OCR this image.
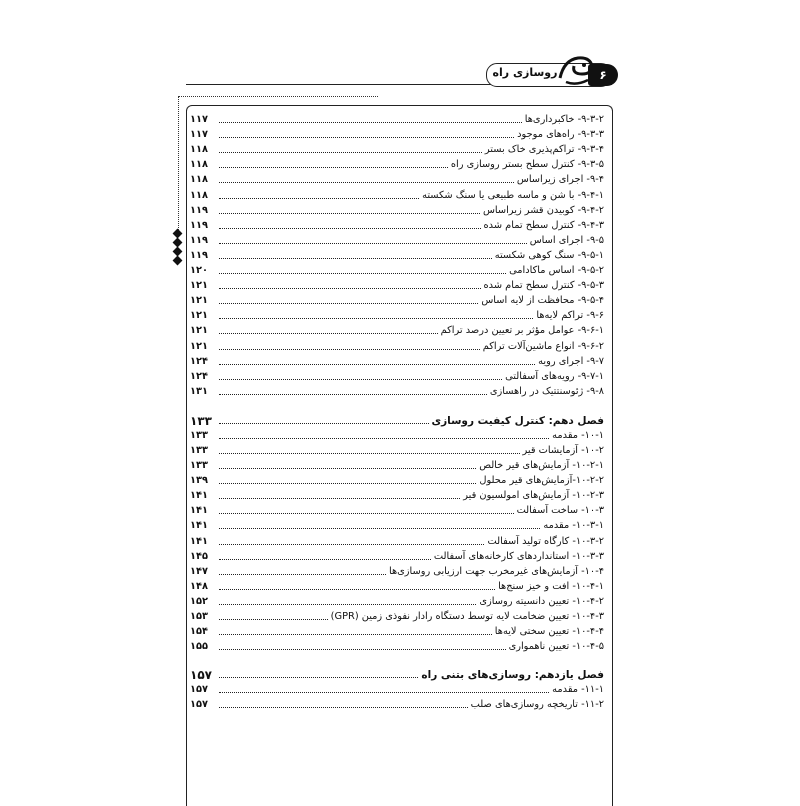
روسازی راه	۶
۹-۳-۲- خاکبرداری‌ها
۱۱۷
۹-۳-۳- راه‌های موجود
۱۱۷
۹-۳-۴- تراکم‌پذیری خاک بستر
۱۱۸
۹-۳-۵- کنترل سطح بستر روسازی راه
۱۱۸
۹-۴- اجرای زیراساس
۱۱۸
۹-۴-۱- با شن و ماسه طبیعی یا سنگ شکسته
۱۱۸
۹-۴-۲- کوبیدن قشر زیراساس
۱۱۹
۹-۴-۳- کنترل سطح تمام شده
۱۱۹
۹-۵- اجرای اساس
۱۱۹
۹-۵-۱- سنگ کوهی شکسته
۱۱۹
۹-۵-۲- اساس ماکادامی
۱۲۰
۹-۵-۳- کنترل سطح تمام شده
۱۲۱
۹-۵-۴- محافظت از لایه اساس
۱۲۱
۹-۶- تراکم لایه‌ها
۱۲۱
۹-۶-۱- عوامل مؤثر بر تعیین درصد تراکم
۱۲۱
۹-۶-۲- انواع ماشین‌آلات تراکم
۱۲۱
۹-۷- اجرای رویه
۱۲۴
۹-۷-۱- رویه‌های آسفالتی
۱۲۴
۹-۸- ژئوسنتتیک در راهسازی
۱۳۱
فصل دهم: کنترل کیفیت روسازی
۱۳۳
۱۰-۱- مقدمه
۱۳۳
۱۰-۲- آزمایشات قیر
۱۳۳
۱۰-۲-۱- آزمایش‌های قیر خالص
۱۳۳
۱۰-۲-۲-آزمایش‌های قیر محلول
۱۳۹
۱۰-۲-۳- آزمایش‌های امولسیون قیر
۱۴۱
۱۰-۳- ساخت آسفالت
۱۴۱
۱۰-۳-۱- مقدمه
۱۴۱
۱۰-۳-۲- کارگاه تولید آسفالت
۱۴۱
۱۰-۳-۳- استانداردهای کارخانه‌های آسفالت
۱۴۵
۱۰-۴- آزمایش‌های غیرمخرب جهت ارزیابی روسازی‌ها
۱۴۷
۱۰-۴-۱- افت و خیز سنج‌ها
۱۴۸
۱۰-۴-۲- تعیین دانسیته روسازی
۱۵۲
۱۰-۴-۳- تعیین ضخامت لایه توسط دستگاه رادار نفوذی زمین (GPR)
۱۵۳
۱۰-۴-۴- تعیین سختی لایه‌ها
۱۵۴
۱۰-۴-۵- تعیین ناهمواری
۱۵۵
فصل یازدهم: روسازی‌های بتنی راه
۱۵۷
۱۱-۱- مقدمه
۱۵۷
۱۱-۲- تاریخچه روسازی‌های صلب
۱۵۷
